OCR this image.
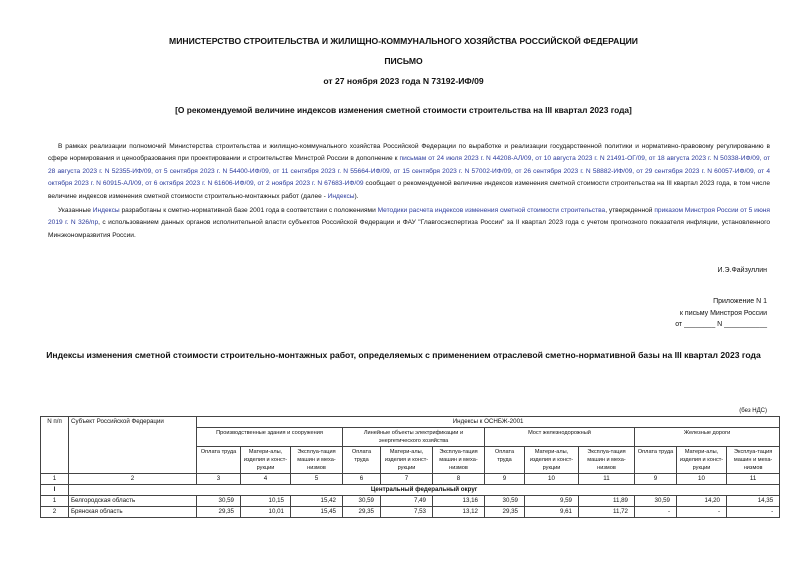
МИНИСТЕРСТВО СТРОИТЕЛЬСТВА И ЖИЛИЩНО-КОММУНАЛЬНОГО ХОЗЯЙСТВА РОССИЙСКОЙ ФЕДЕРАЦИИ
ПИСЬМО
от 27 ноября 2023 года N 73192-ИФ/09
[О рекомендуемой величине индексов изменения сметной стоимости строительства на III квартал 2023 года]
В рамках реализации полномочий Министерства строительства и жилищно-коммунального хозяйства Российской Федерации по выработке и реализации государственной политики и нормативно-правовому регулированию в сфере нормирования и ценообразования при проектировании и строительстве Минстрой России в дополнение к письмам от 24 июля 2023 г. N 44208-АЛ/09, от 10 августа 2023 г. N 21491-ОГ/09, от 18 августа 2023 г. N 50338-ИФ/09, от 28 августа 2023 г. N 52355-ИФ/09, от 5 сентября 2023 г. N 54400-ИФ/09, от 11 сентября 2023 г. N 55664-ИФ/09, от 15 сентября 2023 г. N 57002-ИФ/09, от 26 сентября 2023 г. N 58882-ИФ/09, от 29 сентября 2023 г. N 60057-ИФ/09, от 4 октября 2023 г. N 60915-АЛ/09, от 6 октября 2023 г. N 61606-ИФ/09, от 2 ноября 2023 г. N 67683-ИФ/09 сообщает о рекомендуемой величине индексов изменения сметной стоимости строительства на III квартал 2023 года, в том числе величине индексов изменения сметной стоимости строительно-монтажных работ (далее - Индексы).
Указанные Индексы разработаны к сметно-нормативной базе 2001 года в соответствии с положениями Методики расчета индексов изменения сметной стоимости строительства, утвержденной приказом Минстроя России от 5 июня 2019 г. N 326/пр, с использованием данных органов исполнительной власти субъектов Российской Федерации и ФАУ "Главгосэкспертиза России" за II квартал 2023 года с учетом прогнозного показателя инфляции, установленного Минэкономразвития России.
И.Э.Файзуллин
Приложение N 1
к письму Минстроя России
от ________ N ___________
Индексы изменения сметной стоимости строительно-монтажных работ, определяемых с применением отраслевой сметно-нормативной базы на III квартал 2023 года
(без НДС)
N п/п	Субъект Российской Федерации	Индексы к ОСНБЖ-2001											
		Производственные здания и сооружения			Линейные объекты электрификации и энергетического хозяйства			Мост железнодорожный			Железные дороги		
		Оплата труда	Матери-алы, изделия и конст-рукции	Эксплуа-тация машин и меха-низмов	Оплата труда	Матери-алы, изделия и конст-рукции	Эксплуа-тация машин и меха-низмов	Оплата труда	Матери-алы, изделия и конст-рукции	Эксплуа-тация машин и меха-низмов	Оплата труда	Матери-алы, изделия и конст-рукции	Эксплуа-тация машин и меха-низмов
1	2	3	4	5	6	7	8	9	10	11	9	10	11
I	Центральный федеральный округ												
1	Белгородская область	30,59	10,15	15,42	30,59	7,49	13,16	30,59	9,59	11,89	30,59	14,20	14,35
2	Брянская область	29,35	10,01	15,45	29,35	7,53	13,12	29,35	9,61	11,72	-	-	-
